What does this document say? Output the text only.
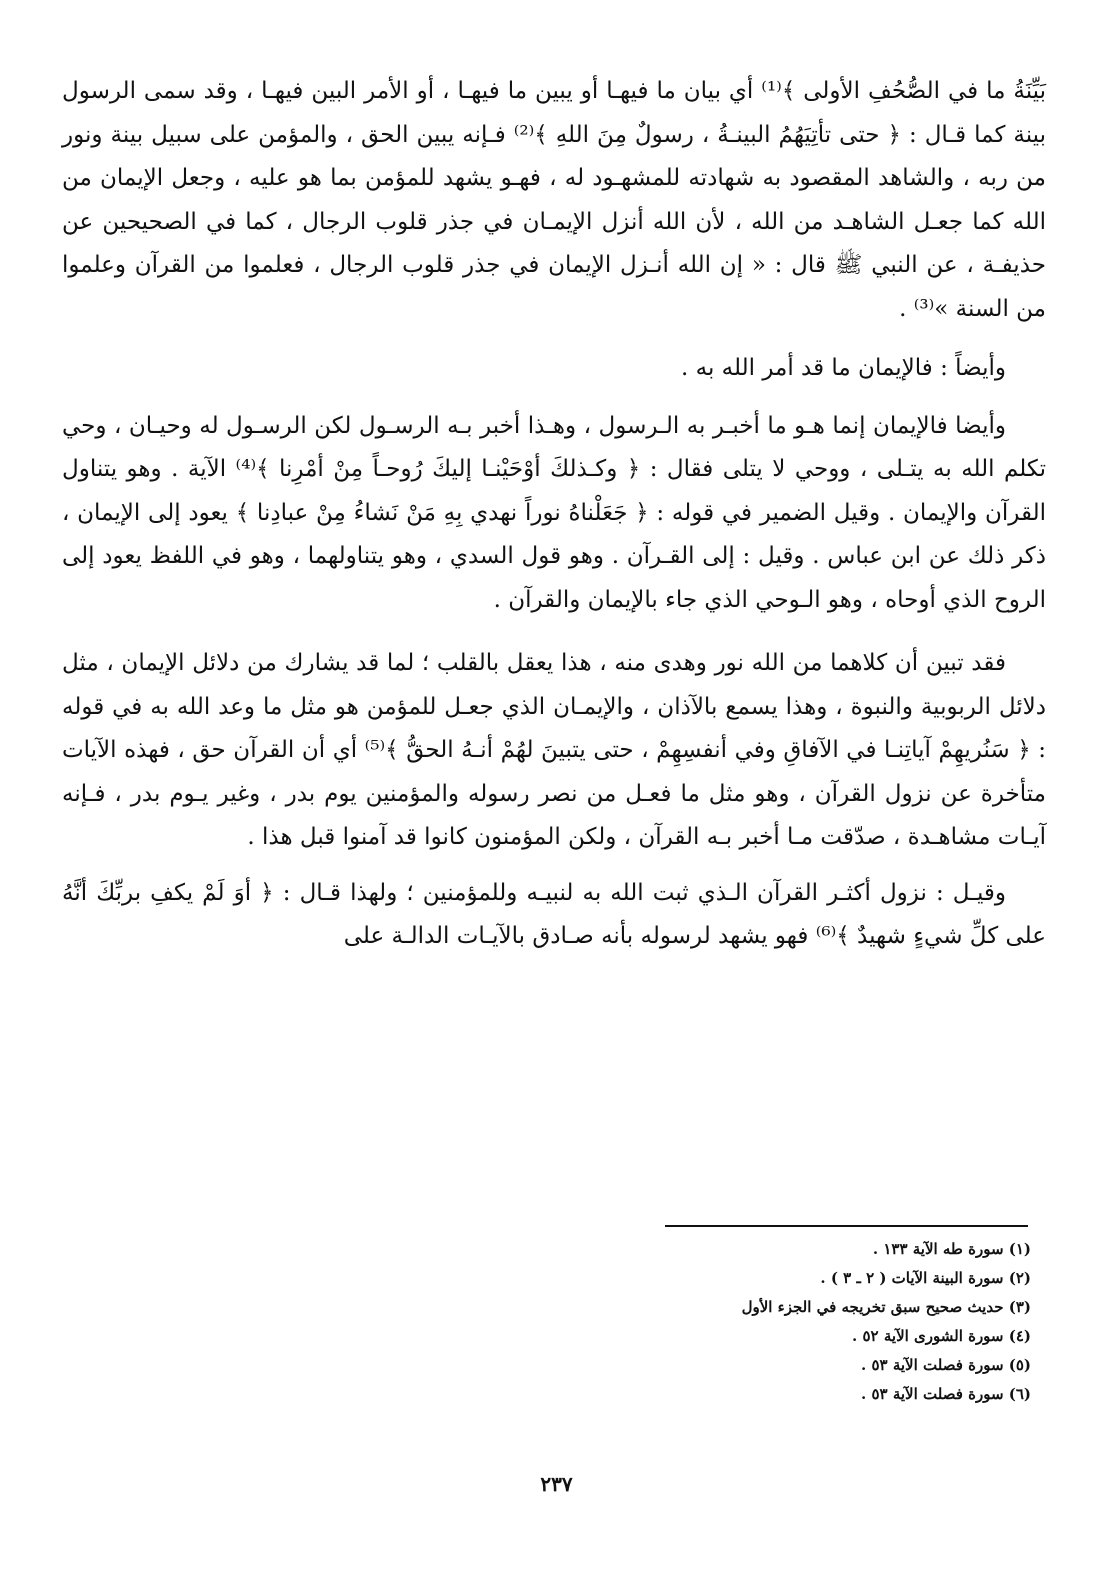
بَيِّنَةُ ما في الصُّحُفِ الأولى ﴾⁽¹⁾ أي بيان ما فيهـا أو يبين ما فيهـا ، أو الأمر البين فيهـا ، وقد سمى الرسول بينة كما قـال : ﴿ حتى تأتِيَهُمُ البينـةُ ، رسولٌ مِنَ اللهِ ﴾⁽²⁾ فـإنه يبين الحق ، والمؤمن على سبيل بينة ونور من ربه ، والشاهد المقصود به شهادته للمشهـود له ، فهـو يشهد للمؤمن بما هو عليه ، وجعل الإيمان من الله كما جعـل الشاهـد من الله ، لأن الله أنزل الإيمـان في جذر قلوب الرجال ، كما في الصحيحين عن حذيفـة ، عن النبي ﷺ قال : « إن الله أنـزل الإيمان في جذر قلوب الرجال ، فعلموا من القرآن وعلموا من السنة »⁽³⁾ .

وأيضاً : فالإيمان ما قد أمر الله به .

وأيضا فالإيمان إنما هـو ما أخبـر به الـرسول ، وهـذا أخبر بـه الرسـول لكن الرسـول له وحيـان ، وحي تكلم الله به يتـلى ، ووحي لا يتلى فقال : ﴿ وكـذلكَ أوْحَيْنـا إليكَ رُوحـاً مِنْ أمْرِنا ﴾⁽⁴⁾ الآية . وهو يتناول القرآن والإيمان . وقيل الضمير في قوله : ﴿ جَعَلْناهُ نوراً نهدي بِهِ مَنْ نَشاءُ مِنْ عبادِنا ﴾ يعود إلى الإيمان ، ذكر ذلك عن ابن عباس . وقيل : إلى القـرآن . وهو قول السدي ، وهو يتناولهما ، وهو في اللفظ يعود إلى الروح الذي أوحاه ، وهو الـوحي الذي جاء بالإيمان والقرآن .

فقد تبين أن كلاهما من الله نور وهدى منه ، هذا يعقل بالقلب ؛ لما قد يشارك من دلائل الإيمان ، مثل دلائل الربوبية والنبوة ، وهذا يسمع بالآذان ، والإيمـان الذي جعـل للمؤمن هو مثل ما وعد الله به في قوله : ﴿ سَنُريهِمْ آياتِنـا في الآفاقِ وفي أنفسِهِمْ ، حتى يتبينَ لهُمْ أنـهُ الحقُّ ﴾⁽⁵⁾ أي أن القرآن حق ، فهذه الآيات متأخرة عن نزول القرآن ، وهو مثل ما فعـل من نصر رسوله والمؤمنين يوم بدر ، وغير يـوم بدر ، فـإنه آيـات مشاهـدة ، صدّقت مـا أخبر بـه القرآن ، ولكن المؤمنون كانوا قد آمنوا قبل هذا .

وقيـل : نزول أكثـر القرآن الـذي ثبت الله به لنبيـه وللمؤمنين ؛ ولهذا قـال : ﴿ أوَ لَمْ يكفِ بربِّكَ أنَّهُ على كلِّ شيءٍ شهيدٌ ﴾⁽⁶⁾ فهو يشهد لرسوله بأنه صـادق بالآيـات الدالـة على

(١) سورة طه الآية ١٣٣ .

(٢) سورة البينة الآيات ( ٢ ـ ٣ ) .

(٣) حديث صحيح سبق تخريجه في الجزء الأول

(٤) سورة الشورى الآية ٥٢ .

(٥) سورة فصلت الآية ٥٣ .

(٦) سورة فصلت الآية ٥٣ .

٢٣٧
